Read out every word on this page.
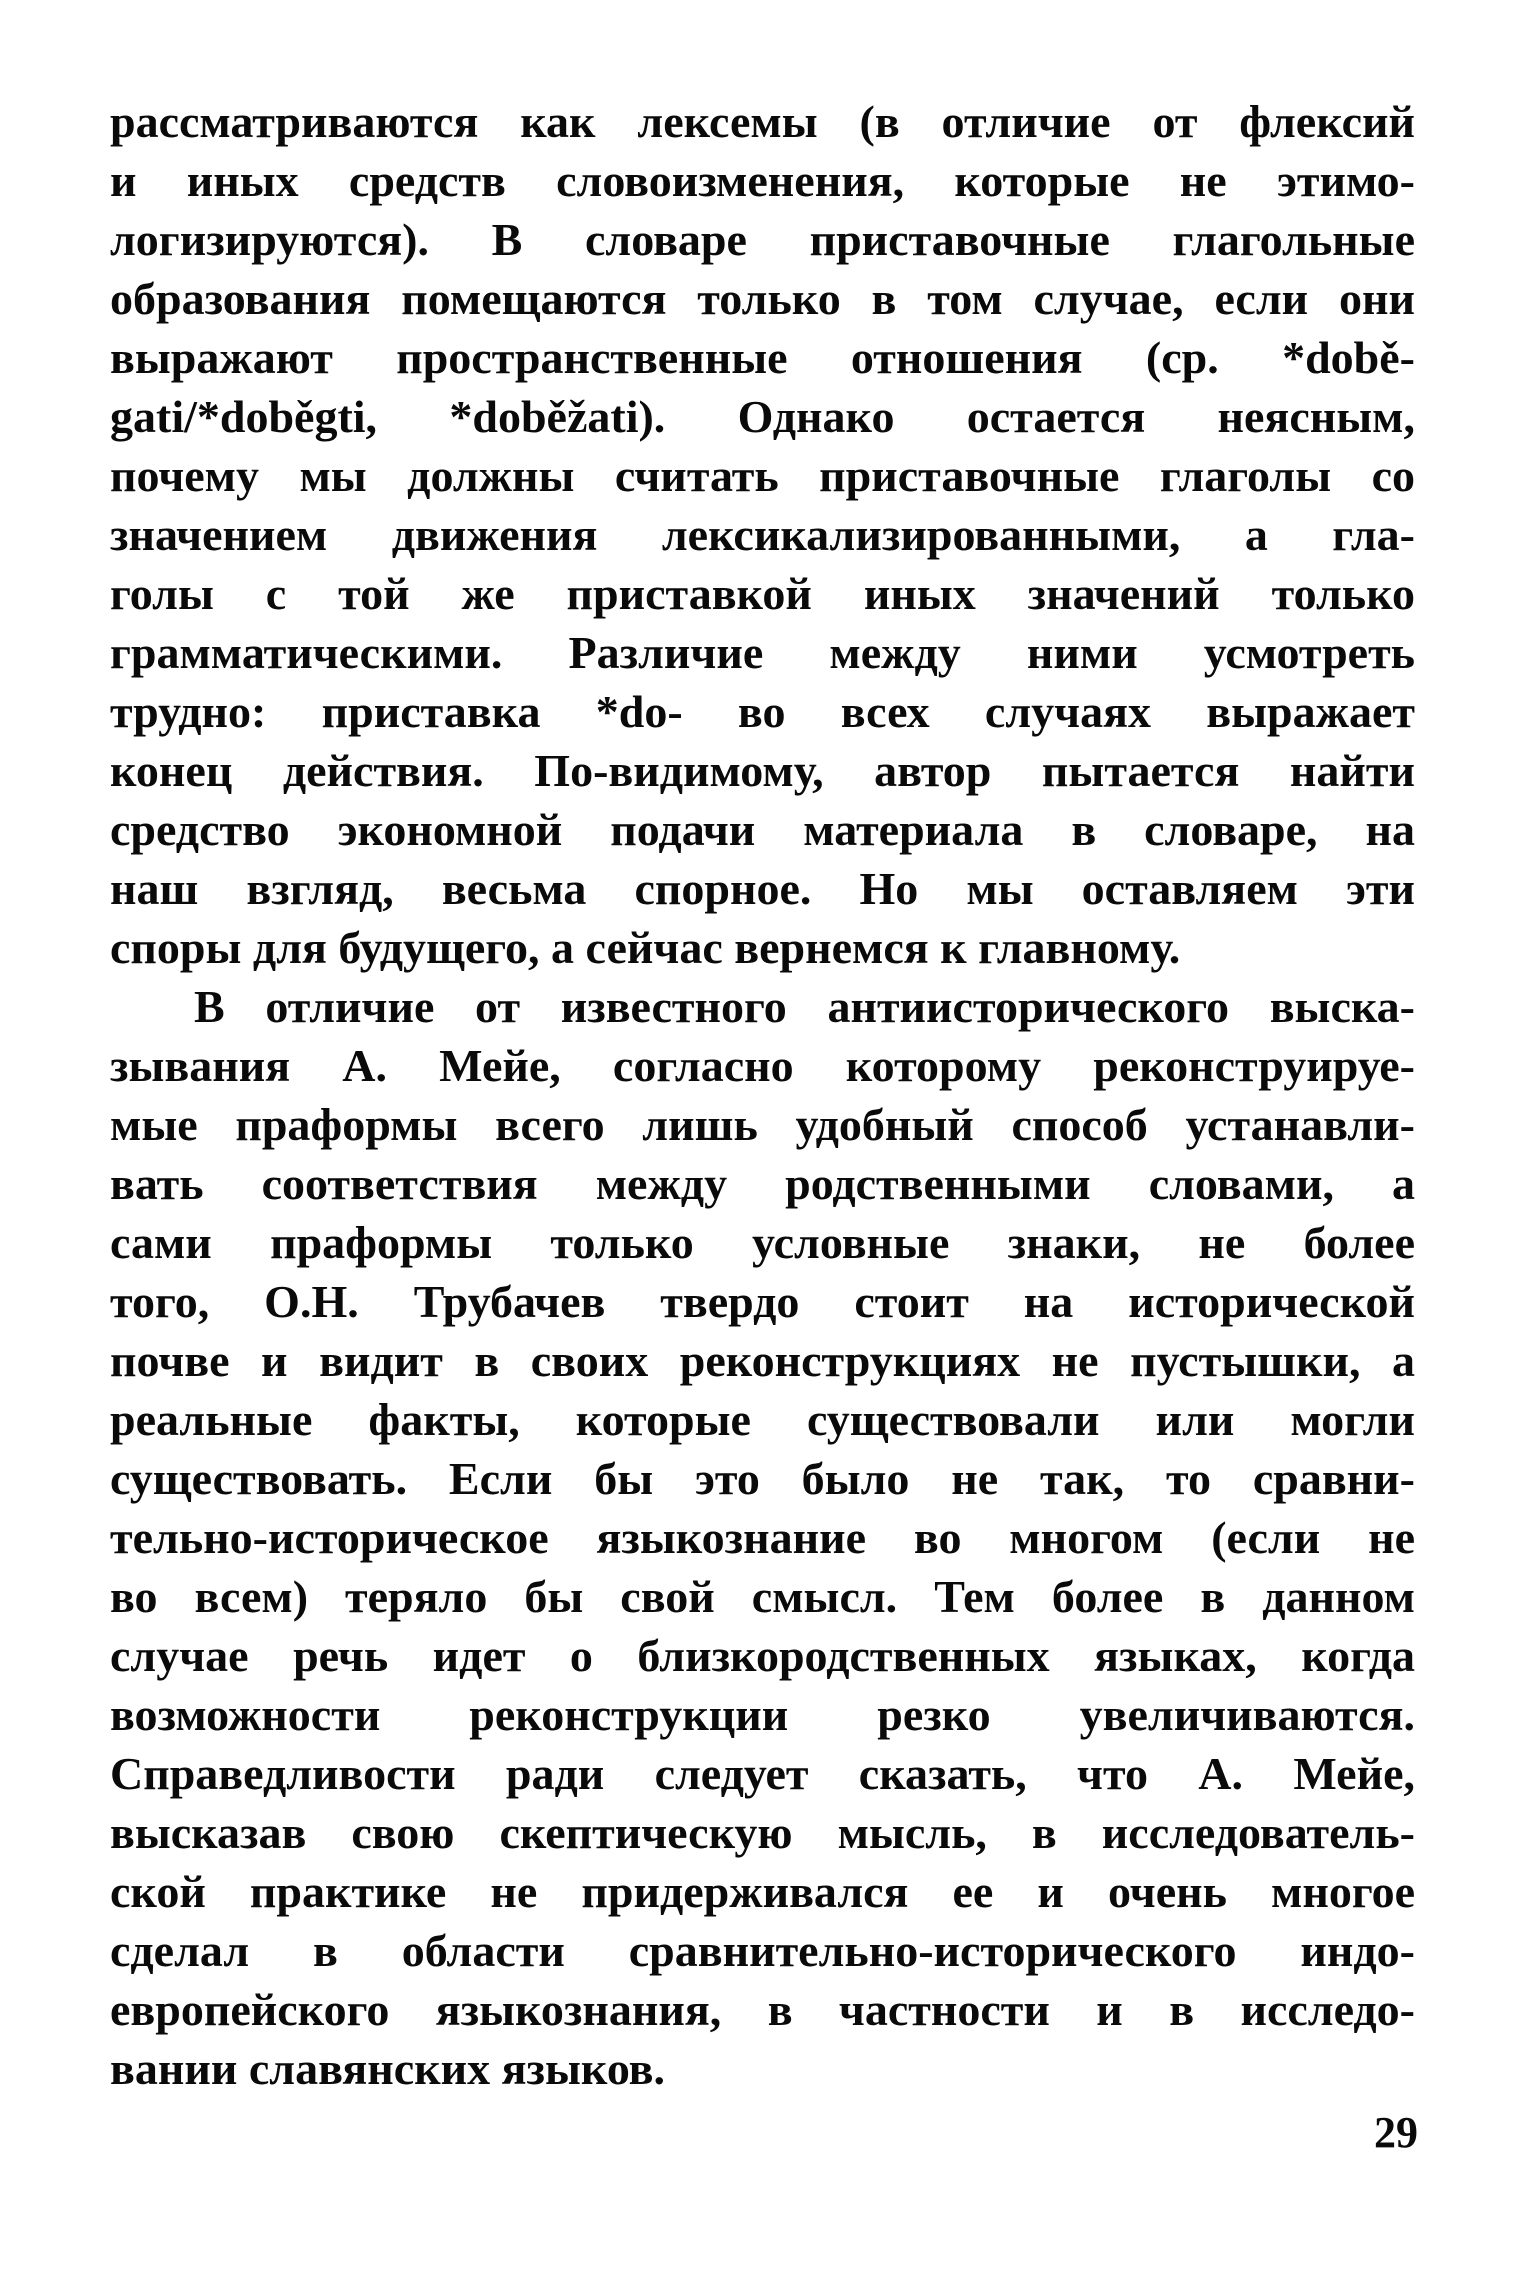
рассматриваются как лексемы (в отличие от флексий
и иных средств словоизменения, которые не этимо-
логизируются). В словаре приставочные глагольные
образования помещаются только в том случае, если они
выражают пространственные отношения (ср. *době-
gati/*doběgti, *doběžati). Однако остается неясным,
почему мы должны считать приставочные глаголы со
значением движения лексикализированными, а гла-
голы с той же приставкой иных значений только
грамматическими. Различие между ними усмотреть
трудно: приставка *do- во всех случаях выражает
конец действия. По-видимому, автор пытается найти
средство экономной подачи материала в словаре, на
наш взгляд, весьма спорное. Но мы оставляем эти
споры для будущего, а сейчас вернемся к главному.
В отличие от известного антиисторического выска-
зывания А. Мейе, согласно которому реконструируе-
мые праформы всего лишь удобный способ устанавли-
вать соответствия между родственными словами, а
сами праформы только условные знаки, не более
того, О.Н. Трубачев твердо стоит на исторической
почве и видит в своих реконструкциях не пустышки, а
реальные факты, которые существовали или могли
существовать. Если бы это было не так, то сравни-
тельно-историческое языкознание во многом (если не
во всем) теряло бы свой смысл. Тем более в данном
случае речь идет о близкородственных языках, когда
возможности реконструкции резко увеличиваются.
Справедливости ради следует сказать, что А. Мейе,
высказав свою скептическую мысль, в исследователь-
ской практике не придерживался ее и очень многое
сделал в области сравнительно-исторического индо-
европейского языкознания, в частности и в исследо-
вании славянских языков.
29
